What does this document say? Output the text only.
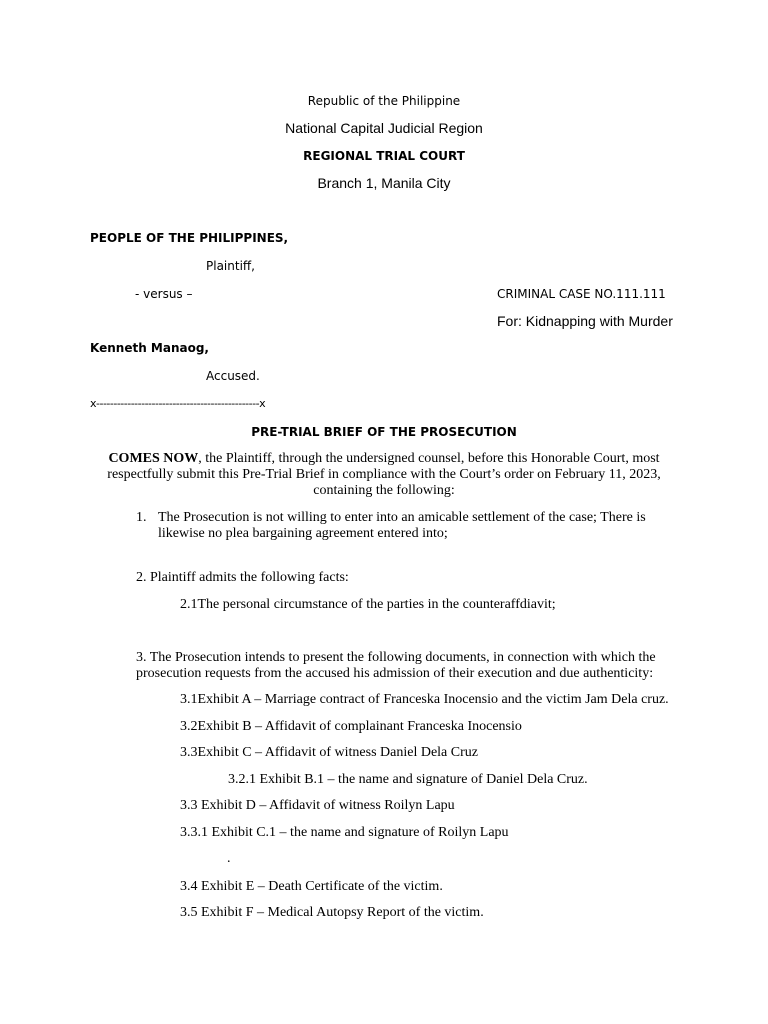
Republic of the Philippine
National Capital Judicial Region
REGIONAL TRIAL COURT
Branch 1, Manila City
PEOPLE OF THE PHILIPPINES,
Plaintiff,
- versus –	CRIMINAL CASE NO.111.111
For: Kidnapping with Murder
Kenneth Manaog,
Accused.
x-----------------------------------------------x
PRE-TRIAL BRIEF OF THE PROSECUTION
COMES NOW, the Plaintiff, through the undersigned counsel, before this Honorable Court, most
respectfully submit this Pre-Trial Brief in compliance with the Court’s order on February 11, 2023,
containing the following:
1. The Prosecution is not willing to enter into an amicable settlement of the case; There is
likewise no plea bargaining agreement entered into;
2. Plaintiff admits the following facts:
2.1The personal circumstance of the parties in the counteraffdiavit;
3. The Prosecution intends to present the following documents, in connection with which the
prosecution requests from the accused his admission of their execution and due authenticity:
3.1Exhibit A – Marriage contract of Franceska Inocensio and the victim Jam Dela cruz.
3.2Exhibit B – Affidavit of complainant Franceska Inocensio
3.3Exhibit C – Affidavit of witness Daniel Dela Cruz
3.2.1 Exhibit B.1 – the name and signature of Daniel Dela Cruz.
3.3 Exhibit D – Affidavit of witness Roilyn Lapu
3.3.1 Exhibit C.1 – the name and signature of Roilyn Lapu
.
3.4 Exhibit E – Death Certificate of the victim.
3.5 Exhibit F – Medical Autopsy Report of the victim.
